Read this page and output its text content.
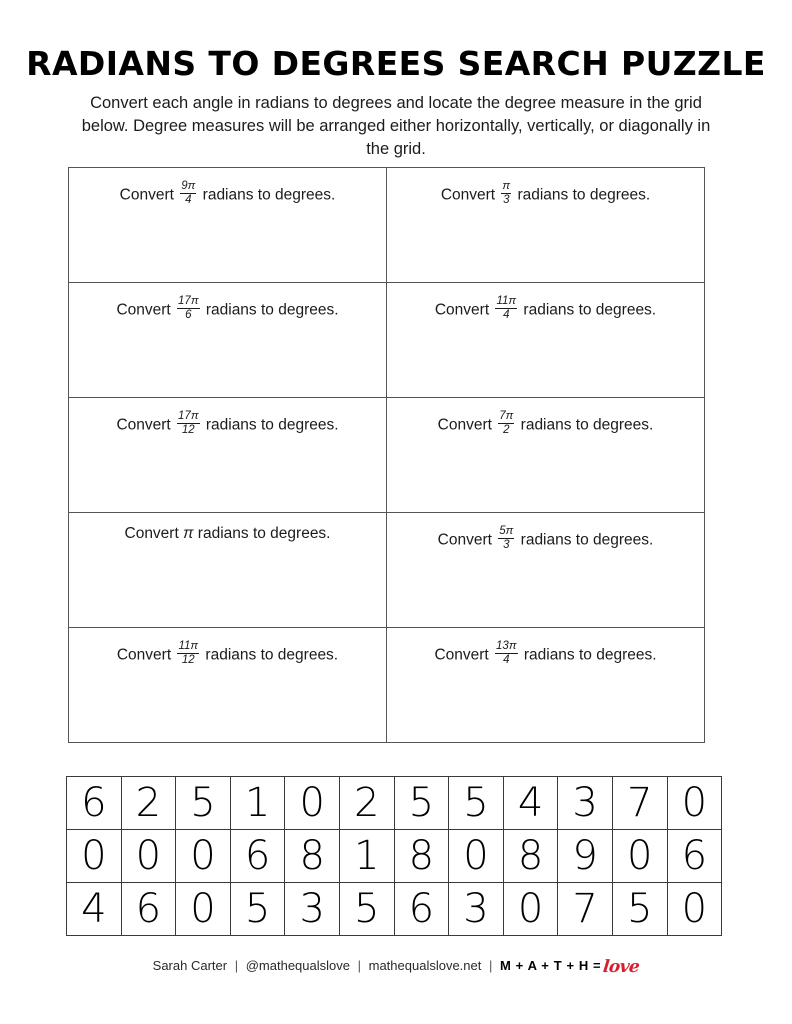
RADIANS TO DEGREES SEARCH PUZZLE
Convert each angle in radians to degrees and locate the degree measure in the grid below. Degree measures will be arranged either horizontally, vertically, or diagonally in the grid.
Convert $\frac{9\pi}{4}$ radians to degrees.	Convert $\frac{\pi}{3}$ radians to degrees.

Convert $\frac{17\pi}{6}$ radians to degrees.	Convert $\frac{11\pi}{4}$ radians to degrees.

Convert $\frac{17\pi}{12}$ radians to degrees.	Convert $\frac{7\pi}{2}$ radians to degrees.

Convert π radians to degrees.	Convert $\frac{5\pi}{3}$ radians to degrees.

Convert $\frac{11\pi}{12}$ radians to degrees.	Convert $\frac{13\pi}{4}$ radians to degrees.
6	2	5	1	0	2	5	5	4	3	7	0
0	0	0	6	8	1	8	0	8	9	0	6
4	6	0	5	3	5	6	3	0	7	5	0
Sarah Carter | @mathequalslove | mathequalslove.net | M + A + T + H =love
